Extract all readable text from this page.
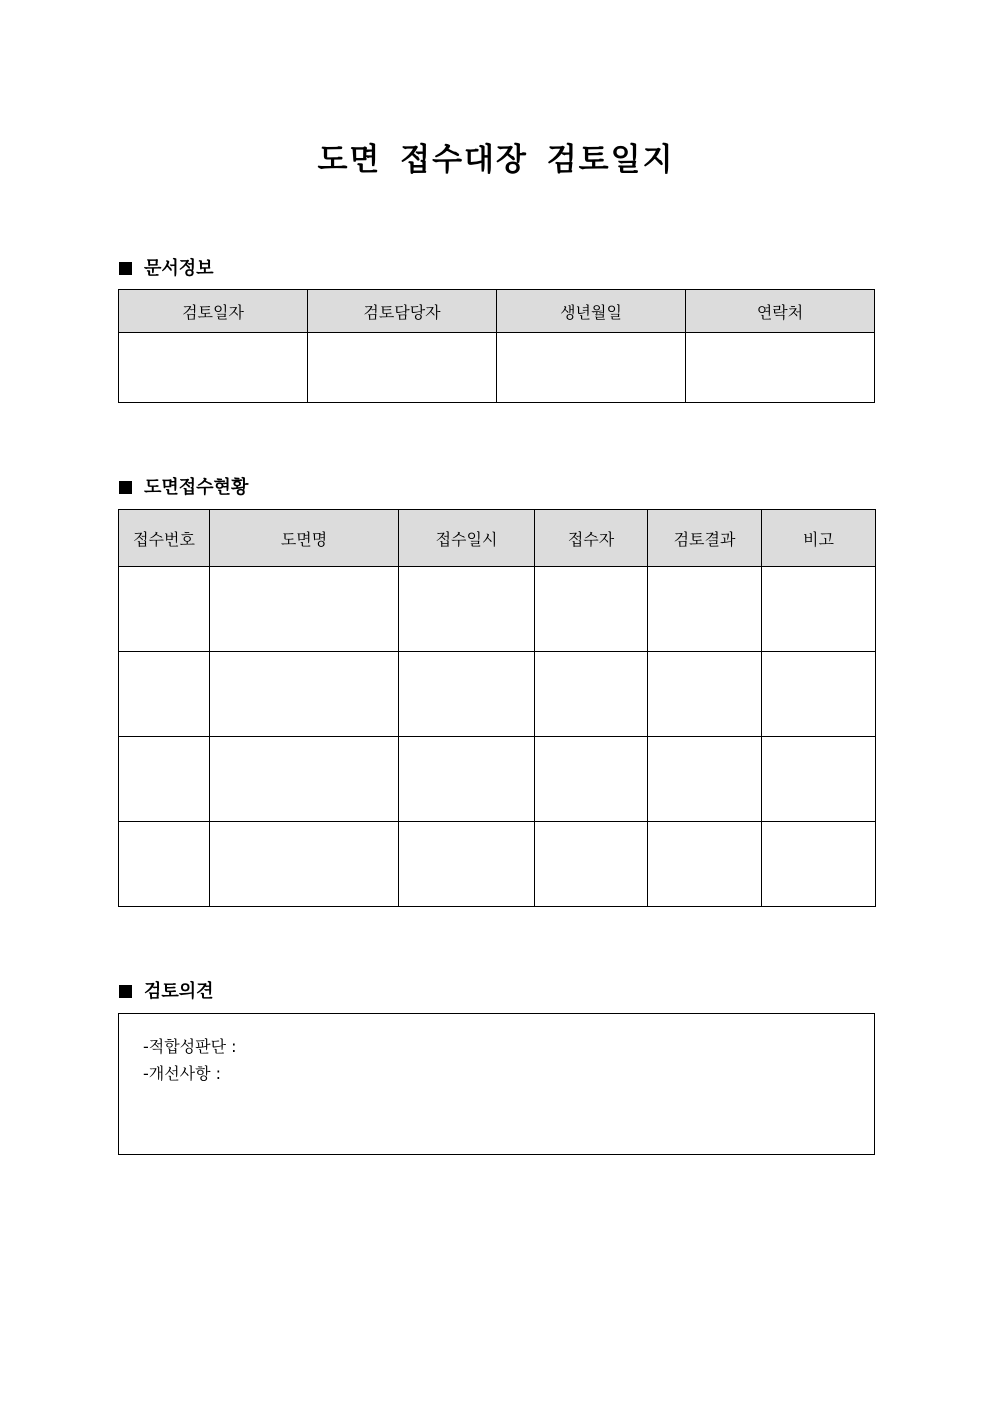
도면 접수대장 검토일지
문서정보
검토일자	검토담당자	생년월일	연락처

도면접수현황
접수번호	도면명	접수일시	접수자	검토결과	비고

검토의견
-적합성판단 :
-개선사항 :
